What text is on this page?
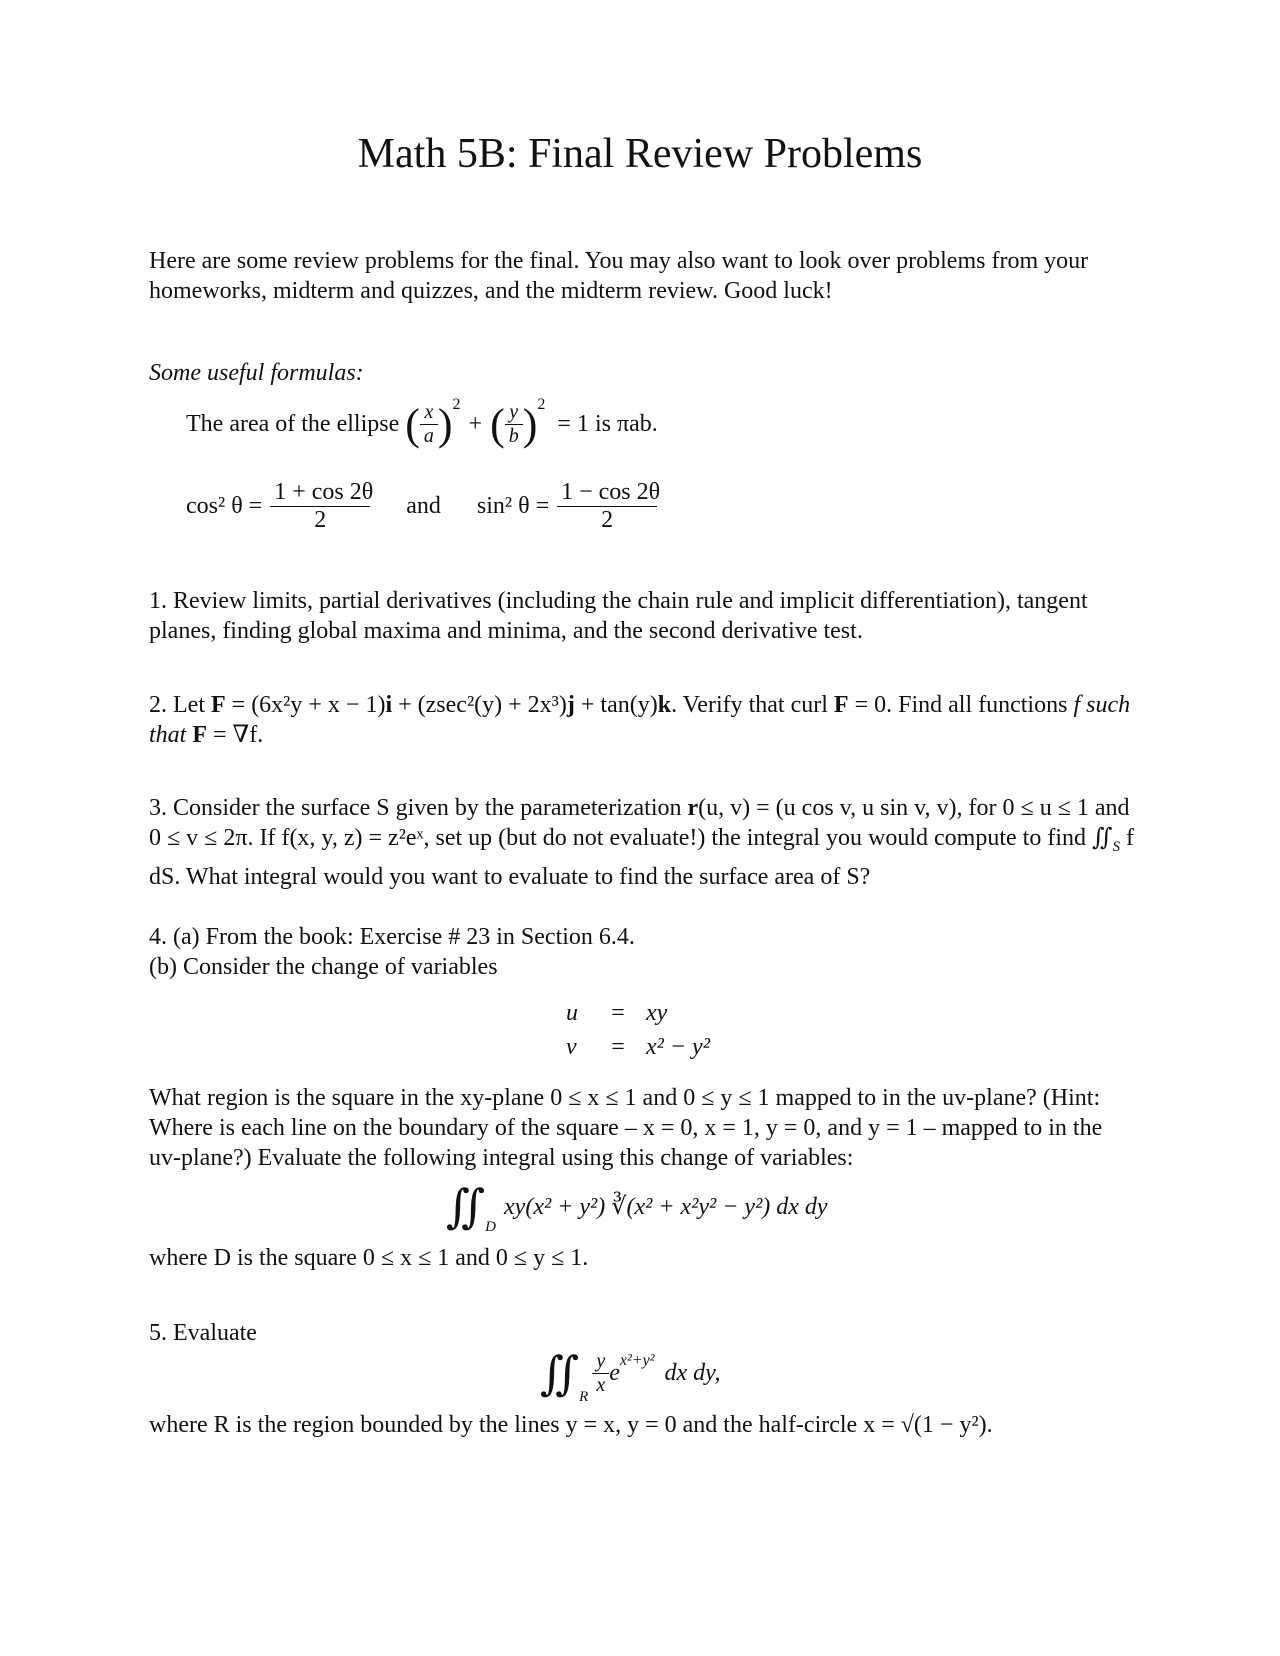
Math 5B: Final Review Problems
Here are some review problems for the final. You may also want to look over problems from your homeworks, midterm and quizzes, and the midterm review. Good luck!
Some useful formulas:
The area of the ellipse ( $\frac{x}{a}$ ) 2
+ ( $\frac{y}{b}$ ) 2
= 1 is πab.
cos² $\theta = \frac{1 + \cos 2\theta}{2}$ and sin² $\theta = \frac{1 - \cos 2\theta}{2}$
1. Review limits, partial derivatives (including the chain rule and implicit differentiation), tangent planes, finding global maxima and minima, and the second derivative test.
2. Let F = (6x²y + x − 1)i + (zsec²(y) + 2x³)j + tan(y)k. Verify that curl F = 0. Find all functions f such that F = ∇f.
3. Consider the surface S given by the parameterization r(u, v) = (u cos v, u sin v, v), for 0 ≤ u ≤ 1 and 0 ≤ v ≤ 2π. If f(x, y, z) = z²eˣ, set up (but do not evaluate!) the integral you would compute to find $∬_S$ f dS. What integral would you want to evaluate to find the surface area of S?
4. (a) From the book: Exercise # 23 in Section 6.4.
(b) Consider the change of variables
u = xy
v = x² − y²
What region is the square in the xy-plane 0 ≤ x ≤ 1 and 0 ≤ y ≤ 1 mapped to in the uv-plane? (Hint: Where is each line on the boundary of the square – x = 0, x = 1, y = 0, and y = 1 – mapped to in the uv-plane?) Evaluate the following integral using this change of variables:
∬ D
xy(x² + y²) ∛(x² + x²y² − y²) dx dy
where D is the square 0 ≤ x ≤ 1 and 0 ≤ y ≤ 1.
5. Evaluate
∬ R
$\frac{y}{x}$ e x²+y² dx dy,
where R is the region bounded by the lines y = x, y = 0 and the half-circle x = √(1 − y²).
